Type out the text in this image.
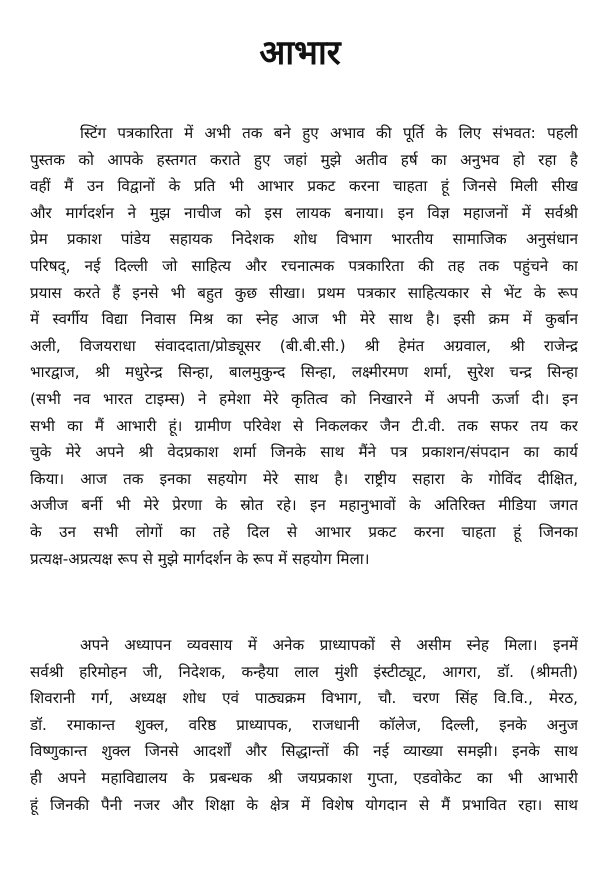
आभार
स्टिंग पत्रकारिता में अभी तक बने हुए अभाव की पूर्ति के लिए संभवत: पहली
पुस्तक को आपके हस्तगत कराते हुए जहां मुझे अतीव हर्ष का अनुभव हो रहा है
वहीं मैं उन विद्वानों के प्रति भी आभार प्रकट करना चाहता हूं जिनसे मिली सीख
और मार्गदर्शन ने मुझ नाचीज को इस लायक बनाया। इन विज्ञ महाजनों में सर्वश्री
प्रेम प्रकाश पांडेय सहायक निदेशक शोध विभाग भारतीय सामाजिक अनुसंधान
परिषद्, नई दिल्ली जो साहित्य और रचनात्मक पत्रकारिता की तह तक पहुंचने का
प्रयास करते हैं इनसे भी बहुत कुछ सीखा। प्रथम पत्रकार साहित्यकार से भेंट के रूप
में स्वर्गीय विद्या निवास मिश्र का स्नेह आज भी मेरे साथ है। इसी क्रम में कुर्बान
अली, विजयराधा संवाददाता/प्रोड्यूसर (बी.बी.सी.) श्री हेमंत अग्रवाल, श्री राजेन्द्र
भारद्वाज, श्री मधुरेन्द्र सिन्हा, बालमुकुन्द सिन्हा, लक्ष्मीरमण शर्मा, सुरेश चन्द्र सिन्हा
(सभी नव भारत टाइम्स) ने हमेशा मेरे कृतित्व को निखारने में अपनी ऊर्जा दी। इन
सभी का मैं आभारी हूं। ग्रामीण परिवेश से निकलकर जैन टी.वी. तक सफर तय कर
चुके मेरे अपने श्री वेदप्रकाश शर्मा जिनके साथ मैंने पत्र प्रकाशन/संपदान का कार्य
किया। आज तक इनका सहयोग मेरे साथ है। राष्ट्रीय सहारा के गोविंद दीक्षित,
अजीज बर्नी भी मेरे प्रेरणा के स्रोत रहे। इन महानुभावों के अतिरिक्त मीडिया जगत
के उन सभी लोगों का तहे दिल से आभार प्रकट करना चाहता हूं जिनका
प्रत्यक्ष-अप्रत्यक्ष रूप से मुझे मार्गदर्शन के रूप में सहयोग मिला।
अपने अध्यापन व्यवसाय में अनेक प्राध्यापकों से असीम स्नेह मिला। इनमें
सर्वश्री हरिमोहन जी, निदेशक, कन्हैया लाल मुंशी इंस्टीट्यूट, आगरा, डॉ. (श्रीमती)
शिवरानी गर्ग, अध्यक्ष शोध एवं पाठ्यक्रम विभाग, चौ. चरण सिंह वि.वि., मेरठ,
डॉ. रमाकान्त शुक्ल, वरिष्ठ प्राध्यापक, राजधानी कॉलेज, दिल्ली, इनके अनुज
विष्णुकान्त शुक्ल जिनसे आदर्शों और सिद्धान्तों की नई व्याख्या समझी। इनके साथ
ही अपने महाविद्यालय के प्रबन्धक श्री जयप्रकाश गुप्ता, एडवोकेट का भी आभारी
हूं जिनकी पैनी नजर और शिक्षा के क्षेत्र में विशेष योगदान से मैं प्रभावित रहा। साथ
